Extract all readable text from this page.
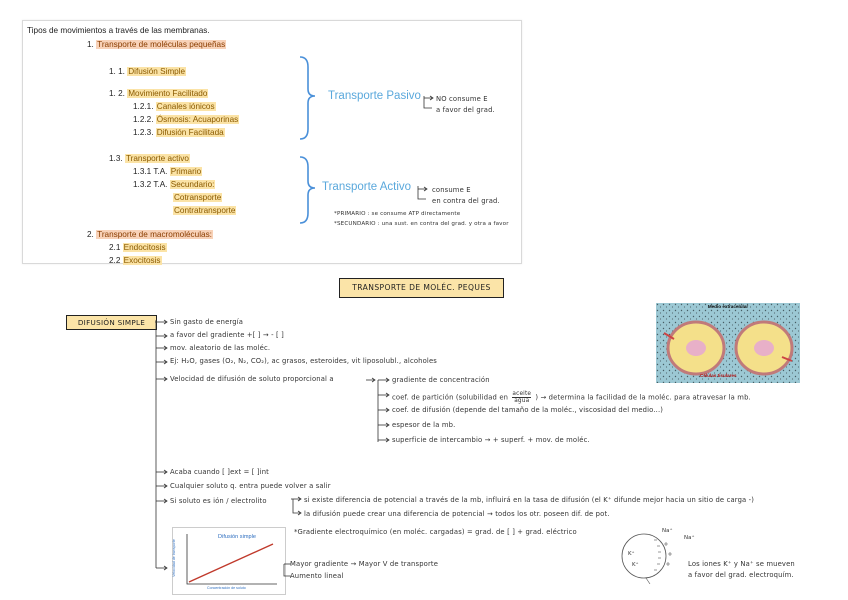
Tipos de movimientos a través de las membranas.
1. Transporte de moléculas pequeñas
1. 1. Difusión Simple
1. 2. Movimiento Facilitado
1.2.1. Canales iónicos
1.2.2. Ósmosis: Acuaporinas
1.2.3. Difusión Facilitada
1.3. Transporte activo
1.3.1 T.A. Primario
1.3.2 T.A. Secundario:
Cotransporte
Contratransporte
2. Transporte de macromoléculas:
2.1 Endocitosis
2.2 Exocitosis
Transporte Pasivo
Transporte Activo
NO consume E
a favor del grad.
consume E
en contra del grad.
*PRIMARIO : se consume ATP directamente
*SECUNDARIO : una sust. en contra del grad. y otra a favor
TRANSPORTE DE MOLÉC. PEQUES
DIFUSIÓN SIMPLE	Sin gasto de energía
a favor del gradiente +[ ] → - [ ]
mov. aleatorio de las moléc.
Ej: H₂O, gases (O₂, N₂, CO₂), ac grasos, esteroides, vit liposolubl., alcoholes
Velocidad de difusión de soluto proporcional a	gradiente de concentración
coef. de partición (solubilidad en aceite
agua ) → determina la facilidad de la moléc. para atravesar la mb.
coef. de difusión (depende del tamaño de la moléc., viscosidad del medio...)
espesor de la mb.
superficie de intercambio → + superf. + mov. de moléc.
Acaba cuando [ ]ext = [ ]int
Cualquier soluto q. entra puede volver a salir
Si soluto es ión / electrolito	si existe diferencia de potencial a través de la mb, influirá en la tasa de difusión (el K⁺ difunde mejor hacia un sitio de carga -)
la difusión puede crear una diferencia de potencial → todos los otr. poseen dif. de pot.
*Gradiente electroquímico (en moléc. cargadas) = grad. de [ ] + grad. eléctrico
Difusión simple
Concentración de soluto
Velocidad de transporte	Mayor gradiente → Mayor V de transporte
Aumento lineal
Medio extracelular
Células tisulares
K⁺
K⁺
Na⁺
Na⁺
Los iones K⁺ y Na⁺ se mueven
a favor del grad. electroquím.
